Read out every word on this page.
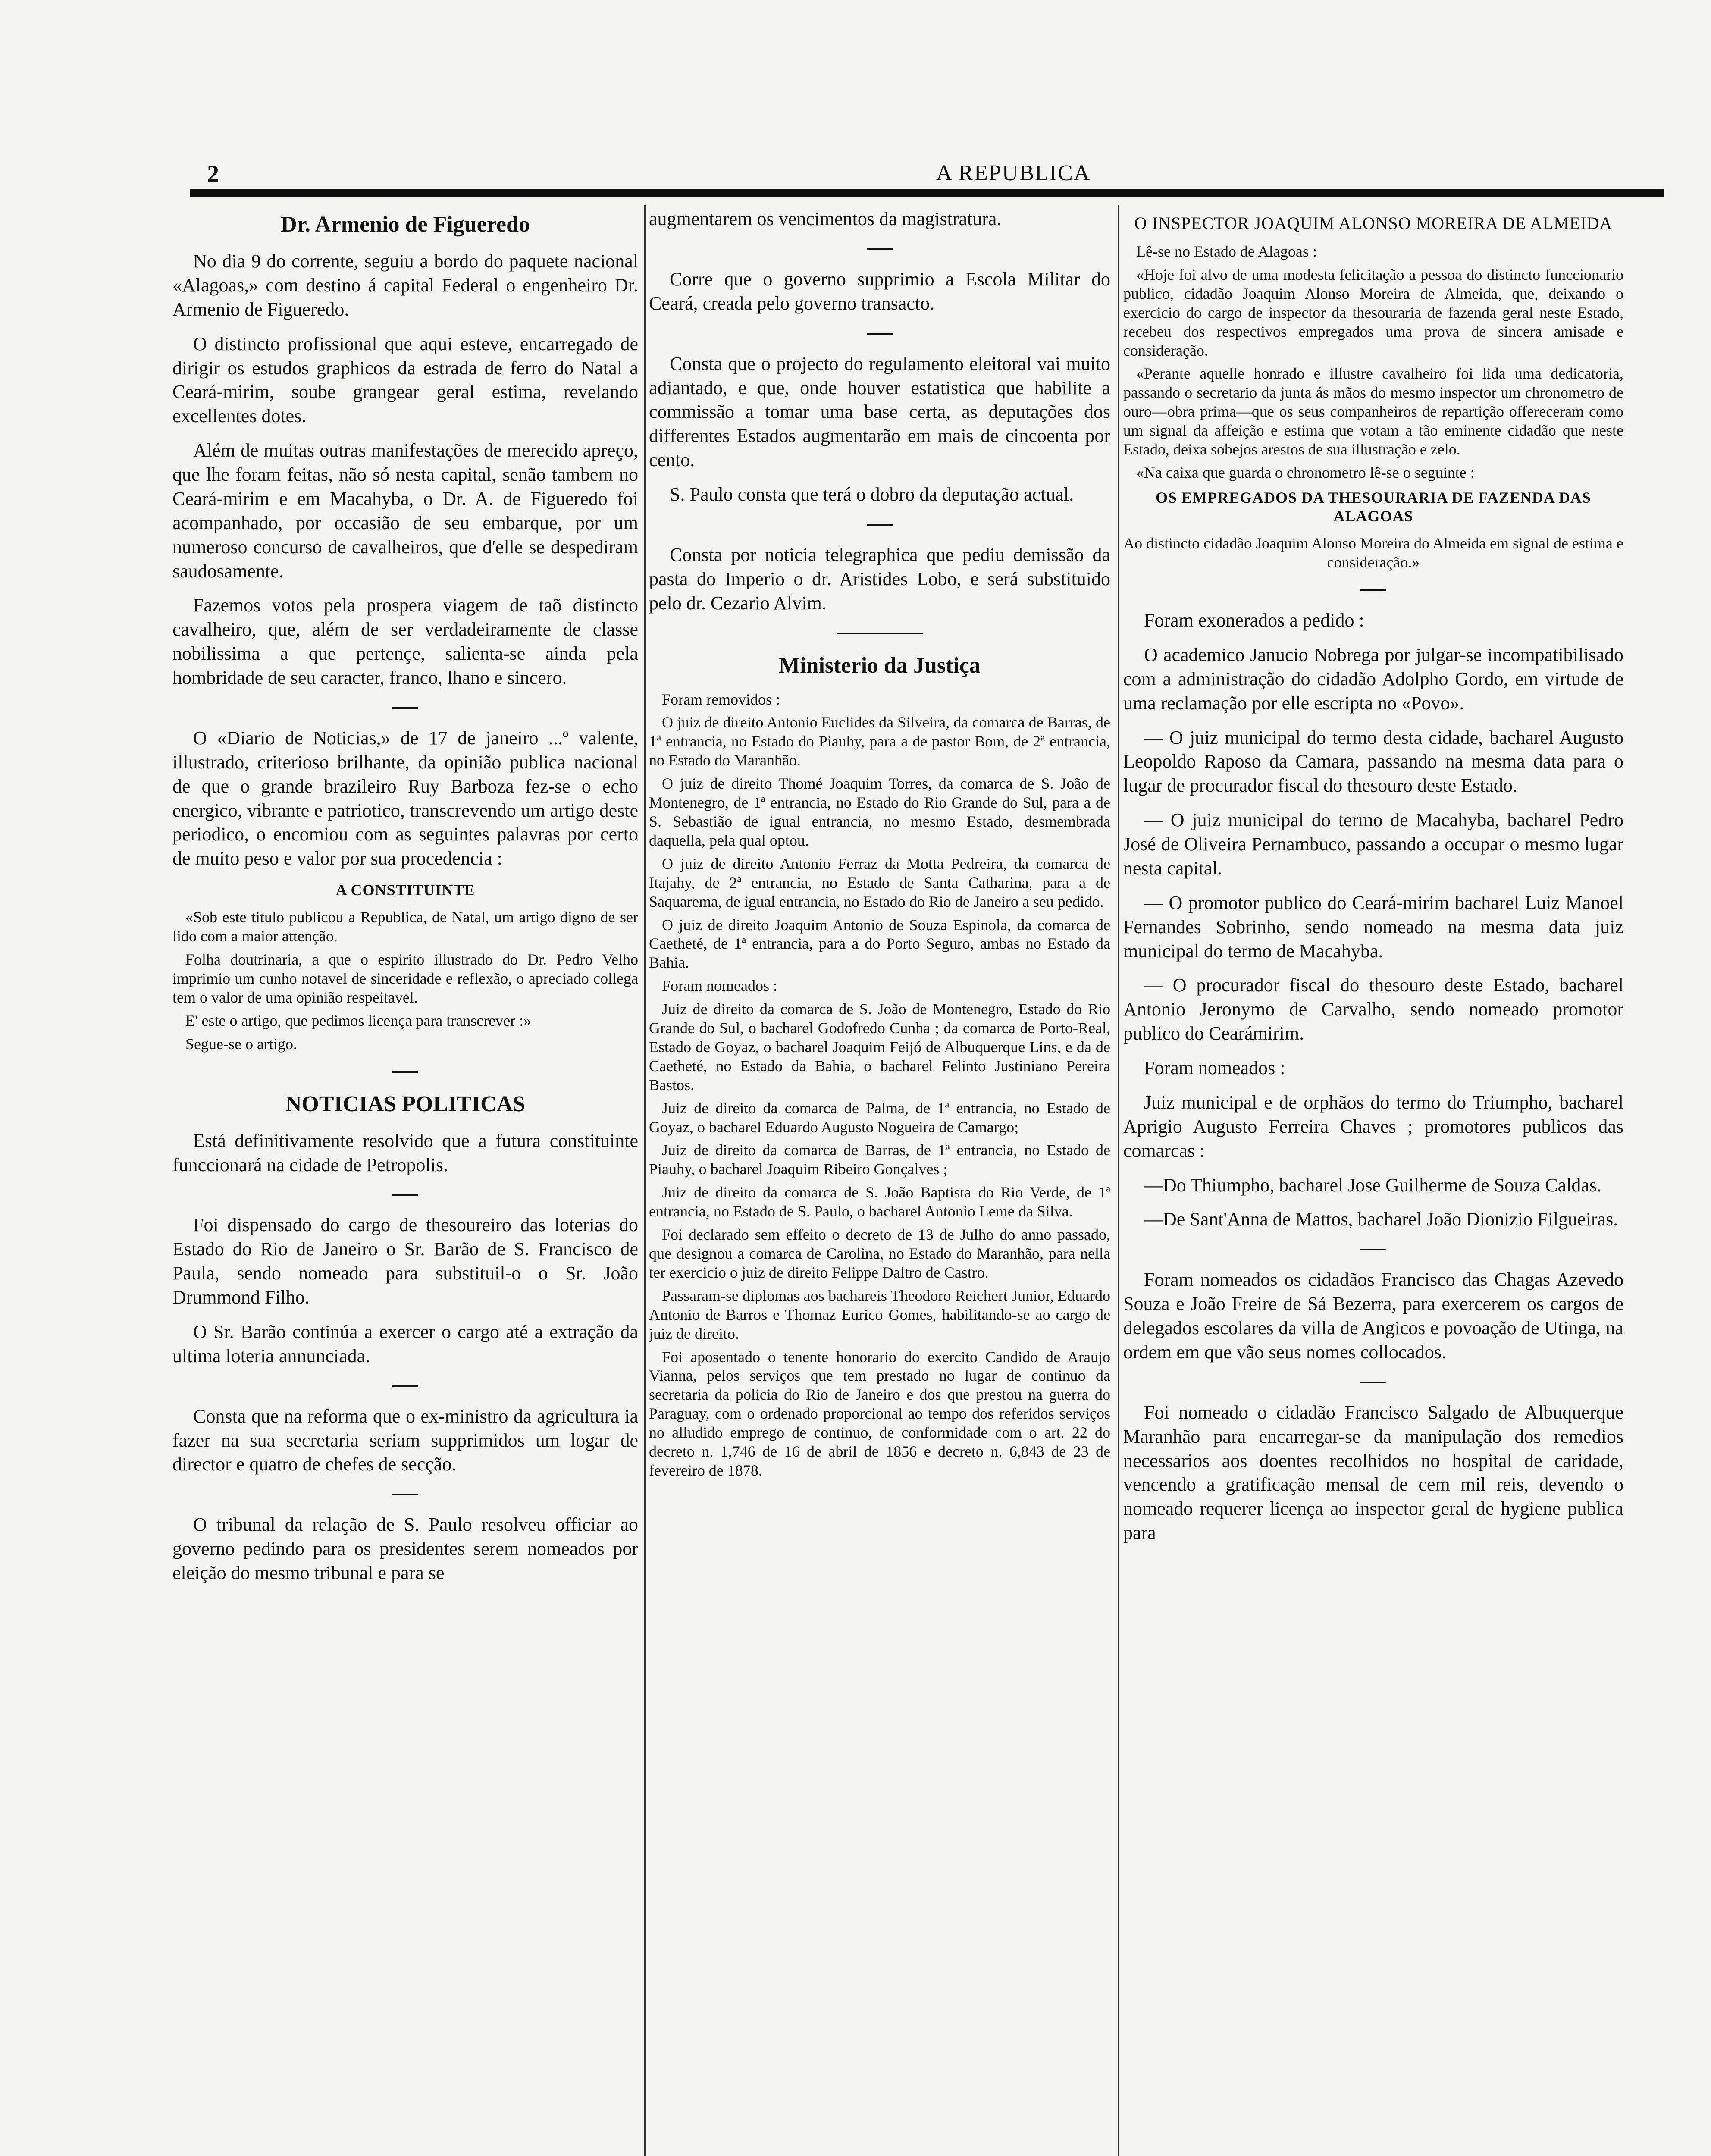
2	A REPUBLICA
Dr. Armenio de Figueredo

No dia 9 do corrente, seguiu a bordo do paquete nacional «Alagoas,» com destino á capital Federal o engenheiro Dr. Armenio de Figueredo.

O distincto profissional que aqui esteve, encarregado de dirigir os estudos graphicos da estrada de ferro do Natal a Ceará-mirim, soube grangear geral estima, revelando excellentes dotes.

Além de muitas outras manifestações de merecido apreço, que lhe foram feitas, não só nesta capital, senão tambem no Ceará-mirim e em Macahyba, o Dr. A. de Figueredo foi acompanhado, por occasião de seu embarque, por um numeroso concurso de cavalheiros, que d'elle se despediram saudosamente.

Fazemos votos pela prospera viagem de taõ distincto cavalheiro, que, além de ser verdadeiramente de classe nobilissima a que pertençe, salienta-se ainda pela hombridade de seu caracter, franco, lhano e sincero.

O «Diario de Noticias,» de 17 de janeiro ...º valente, illustrado, criterioso brilhante, da opinião publica nacional de que o grande brazileiro Ruy Barboza fez-se o echo energico, vibrante e patriotico, transcrevendo um artigo deste periodico, o encomiou com as seguintes palavras por certo de muito peso e valor por sua procedencia :

A CONSTITUINTE

«Sob este titulo publicou a Republica, de Natal, um artigo digno de ser lido com a maior attenção.

Folha doutrinaria, a que o espirito illustrado do Dr. Pedro Velho imprimio um cunho notavel de sinceridade e reflexão, o apreciado collega tem o valor de uma opinião respeitavel.

E' este o artigo, que pedimos licença para transcrever :»

Segue-se o artigo.

NOTICIAS POLITICAS

Está definitivamente resolvido que a futura constituinte funccionará na cidade de Petropolis.

Foi dispensado do cargo de thesoureiro das loterias do Estado do Rio de Janeiro o Sr. Barão de S. Francisco de Paula, sendo nomeado para substituil-o o Sr. João Drummond Filho.

O Sr. Barão continúa a exercer o cargo até a extração da ultima loteria annunciada.

Consta que na reforma que o ex-ministro da agricultura ia fazer na sua secretaria seriam supprimidos um logar de director e quatro de chefes de secção.

O tribunal da relação de S. Paulo resolveu officiar ao governo pedindo para os presidentes serem nomeados por eleição do mesmo tribunal e para se

augmentarem os vencimentos da magistratura.

Corre que o governo supprimio a Escola Militar do Ceará, creada pelo governo transacto.

Consta que o projecto do regulamento eleitoral vai muito adiantado, e que, onde houver estatistica que habilite a commissão a tomar uma base certa, as deputações dos differentes Estados augmentarão em mais de cincoenta por cento.

S. Paulo consta que terá o dobro da deputação actual.

Consta por noticia telegraphica que pediu demissão da pasta do Imperio o dr. Aristides Lobo, e será substituido pelo dr. Cezario Alvim.

Ministerio da Justiça

Foram removidos :

O juiz de direito Antonio Euclides da Silveira, da comarca de Barras, de 1ª entrancia, no Estado do Piauhy, para a de pastor Bom, de 2ª entrancia, no Estado do Maranhão.

O juiz de direito Thomé Joaquim Torres, da comarca de S. João de Montenegro, de 1ª entrancia, no Estado do Rio Grande do Sul, para a de S. Sebastião de igual entrancia, no mesmo Estado, desmembrada daquella, pela qual optou.

O juiz de direito Antonio Ferraz da Motta Pedreira, da comarca de Itajahy, de 2ª entrancia, no Estado de Santa Catharina, para a de Saquarema, de igual entrancia, no Estado do Rio de Janeiro a seu pedido.

O juiz de direito Joaquim Antonio de Souza Espinola, da comarca de Caetheté, de 1ª entrancia, para a do Porto Seguro, ambas no Estado da Bahia.

Foram nomeados :

Juiz de direito da comarca de S. João de Montenegro, Estado do Rio Grande do Sul, o bacharel Godofredo Cunha ; da comarca de Porto-Real, Estado de Goyaz, o bacharel Joaquim Feijó de Albuquerque Lins, e da de Caetheté, no Estado da Bahia, o bacharel Felinto Justiniano Pereira Bastos.

Juiz de direito da comarca de Palma, de 1ª entrancia, no Estado de Goyaz, o bacharel Eduardo Augusto Nogueira de Camargo;

Juiz de direito da comarca de Barras, de 1ª entrancia, no Estado de Piauhy, o bacharel Joaquim Ribeiro Gonçalves ;

Juiz de direito da comarca de S. João Baptista do Rio Verde, de 1ª entrancia, no Estado de S. Paulo, o bacharel Antonio Leme da Silva.

Foi declarado sem effeito o decreto de 13 de Julho do anno passado, que designou a comarca de Carolina, no Estado do Maranhão, para nella ter exercicio o juiz de direito Felippe Daltro de Castro.

Passaram-se diplomas aos bachareis Theodoro Reichert Junior, Eduardo Antonio de Barros e Thomaz Eurico Gomes, habilitando-se ao cargo de juiz de direito.

Foi aposentado o tenente honorario do exercito Candido de Araujo Vianna, pelos serviços que tem prestado no lugar de continuo da secretaria da policia do Rio de Janeiro e dos que prestou na guerra do Paraguay, com o ordenado proporcional ao tempo dos referidos serviços no alludido emprego de continuo, de conformidade com o art. 22 do decreto n. 1,746 de 16 de abril de 1856 e decreto n. 6,843 de 23 de fevereiro de 1878.

O INSPECTOR JOAQUIM ALONSO MOREIRA DE ALMEIDA

Lê-se no Estado de Alagoas :

«Hoje foi alvo de uma modesta felicitação a pessoa do distincto funccionario publico, cidadão Joaquim Alonso Moreira de Almeida, que, deixando o exercicio do cargo de inspector da thesouraria de fazenda geral neste Estado, recebeu dos respectivos empregados uma prova de sincera amisade e consideração.

«Perante aquelle honrado e illustre cavalheiro foi lida uma dedicatoria, passando o secretario da junta ás mãos do mesmo inspector um chronometro de ouro—obra prima—que os seus companheiros de repartição offereceram como um signal da affeição e estima que votam a tão eminente cidadão que neste Estado, deixa sobejos arestos de sua illustração e zelo.

«Na caixa que guarda o chronometro lê-se o seguinte :

OS EMPREGADOS DA THESOURARIA DE FAZENDA DAS ALAGOAS

Ao distincto cidadão Joaquim Alonso Moreira do Almeida em signal de estima e consideração.»

Foram exonerados a pedido :

O academico Janucio Nobrega por julgar-se incompatibilisado com a administração do cidadão Adolpho Gordo, em virtude de uma reclamação por elle escripta no «Povo».

— O juiz municipal do termo desta cidade, bacharel Augusto Leopoldo Raposo da Camara, passando na mesma data para o lugar de procurador fiscal do thesouro deste Estado.

— O juiz municipal do termo de Macahyba, bacharel Pedro José de Oliveira Pernambuco, passando a occupar o mesmo lugar nesta capital.

— O promotor publico do Ceará-mirim bacharel Luiz Manoel Fernandes Sobrinho, sendo nomeado na mesma data juiz municipal do termo de Macahyba.

— O procurador fiscal do thesouro deste Estado, bacharel Antonio Jeronymo de Carvalho, sendo nomeado promotor publico do Cearámirim.

Foram nomeados :

Juiz municipal e de orphãos do termo do Triumpho, bacharel Aprigio Augusto Ferreira Chaves ; promotores publicos das comarcas :

—Do Thiumpho, bacharel Jose Guilherme de Souza Caldas.

—De Sant'Anna de Mattos, bacharel João Dionizio Filgueiras.

Foram nomeados os cidadãos Francisco das Chagas Azevedo Souza e João Freire de Sá Bezerra, para exercerem os cargos de delegados escolares da villa de Angicos e povoação de Utinga, na ordem em que vão seus nomes collocados.

Foi nomeado o cidadão Francisco Salgado de Albuquerque Maranhão para encarregar-se da manipulação dos remedios necessarios aos doentes recolhidos no hospital de caridade, vencendo a gratificação mensal de cem mil reis, devendo o nomeado requerer licença ao inspector geral de hygiene publica para
